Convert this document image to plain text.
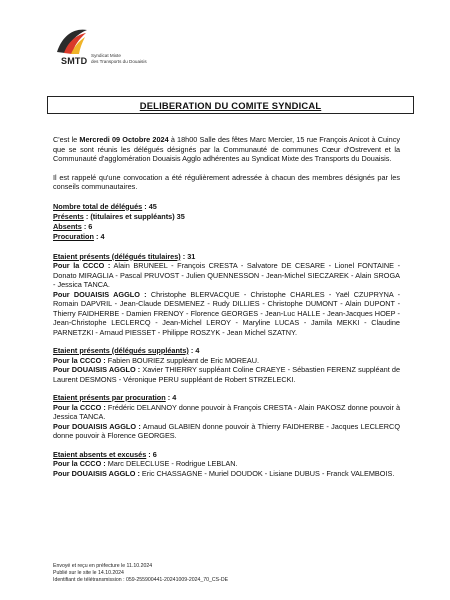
SMTD
Syndicat Mixte
des Transports du Douaisis
DELIBERATION DU COMITE SYNDICAL

C'est le Mercredi 09 Octobre 2024 à 18h00 Salle des fêtes Marc Mercier, 15 rue François Anicot à Cuincy que se sont réunis les délégués désignés par la Communauté de communes Cœur d'Ostrevent et la Communauté d'agglomération Douaisis Agglo adhérentes au Syndicat Mixte des Transports du Douaisis.

Il est rappelé qu'une convocation a été régulièrement adressée à chacun des membres désignés par les conseils communautaires.

Nombre total de délégués : 45

Présents : (titulaires et suppléants) 35

Absents : 6

Procuration : 4

Etaient présents (délégués titulaires) : 31

Pour la CCCO : Alain BRUNEEL - François CRESTA - Salvatore DE CESARE - Lionel FONTAINE - Donato MIRAGLIA - Pascal PRUVOST - Julien QUENNESSON - Jean-Michel SIECZAREK - Alain SROGA - Jessica TANCA.

Pour DOUAISIS AGGLO : Christophe BLERVACQUE - Christophe CHARLES - Yaël CZUPRYNA - Romain DAPVRIL - Jean-Claude DESMENEZ - Rudy DILLIES - Christophe DUMONT - Alain DUPONT - Thierry FAIDHERBE - Damien FRENOY - Florence GEORGES - Jean-Luc HALLE - Jean-Jacques HOEP - Jean-Christophe LECLERCQ - Jean-Michel LEROY - Maryline LUCAS - Jamila MEKKI - Claudine PARNETZKI - Arnaud PIESSET - Philippe ROSZYK - Jean Michel SZATNY.

Etaient présents (délégués suppléants) : 4

Pour la CCCO : Fabien BOURIEZ suppléant de Eric MOREAU.

Pour DOUAISIS AGGLO : Xavier THIERRY suppléant Coline CRAEYE - Sébastien FERENZ suppléant de Laurent DESMONS - Véronique PERU suppléant de Robert STRZELECKI.

Etaient présents par procuration : 4

Pour la CCCO : Frédéric DELANNOY donne pouvoir à François CRESTA - Alain PAKOSZ donne pouvoir à Jessica TANCA.

Pour DOUAISIS AGGLO : Arnaud GLABIEN donne pouvoir à Thierry FAIDHERBE - Jacques LECLERCQ donne pouvoir à Florence GEORGES.

Etaient absents et excusés : 6

Pour la CCCO : Marc DELECLUSE - Rodrigue LEBLAN.

Pour DOUAISIS AGGLO : Eric CHASSAGNE - Muriel DOUDOK - Lisiane DUBUS - Franck VALEMBOIS.

Envoyé et reçu en préfecture le 11.10.2024

Publié sur le site le 14.10.2024

Identifiant de télétransmission : 059-255900441-20241009-2024_70_CS-DE
